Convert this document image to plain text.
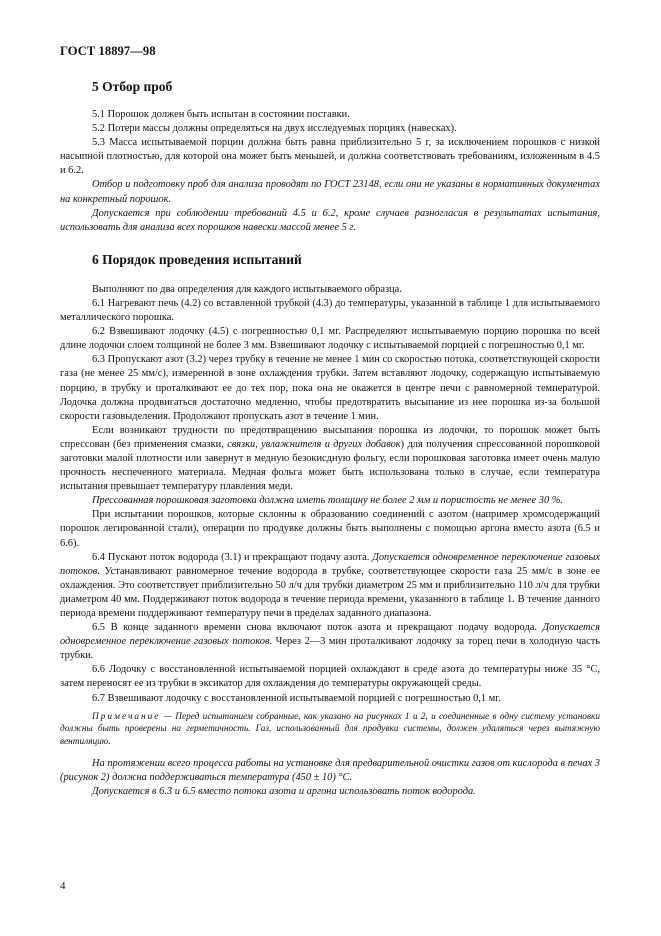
ГОСТ 18897—98
5 Отбор проб

5.1 Порошок должен быть испытан в состоянии поставки.

5.2 Потери массы должны определяться на двух исследуемых порциях (навесках).

5.3 Масса испытываемой порции должна быть равна приблизительно 5 г, за исключением порошков с низкой насыпной плотностью, для которой она может быть меньшей, и должна соответствовать требованиям, изложенным в 4.5 и 6.2.

Отбор и подготовку проб для анализа проводят по ГОСТ 23148, если они не указаны в нормативных документах на конкретный порошок.

Допускается при соблюдении требований 4.5 и 6.2, кроме случаев разногласия в результатах испытания, использовать для анализа всех порошков навески массой менее 5 г.

6 Порядок проведения испытаний

Выполняют по два определения для каждого испытываемого образца.

6.1 Нагревают печь (4.2) со вставленной трубкой (4.3) до температуры, указанной в таблице 1 для испытываемого металлического порошка.

6.2 Взвешивают лодочку (4.5) с погрешностью 0,1 мг. Распределяют испытываемую порцию порошка по всей длине лодочки слоем толщиной не более 3 мм. Взвешивают лодочку с испытываемой порцией с погрешностью 0,1 мг.

6.3 Пропускают азот (3.2) через трубку в течение не менее 1 мин со скоростью потока, соответствующей скорости газа (не менее 25 мм/с), измеренной в зоне охлаждения трубки. Затем вставляют лодочку, содержащую испытываемую порцию, в трубку и проталкивают ее до тех пор, пока она не окажется в центре печи с равномерной температурой. Лодочка должна продвигаться достаточно медленно, чтобы предотвратить высыпание из нее порошка из-за большой скорости газовыделения. Продолжают пропускать азот в течение 1 мин.

Если возникают трудности по предотвращению высыпания порошка из лодочки, то порошок может быть спрессован (без применения смазки, связки, увлажнителя и других добавок) для получения спрессованной порошковой заготовки малой плотности или завернут в медную безокисдную фольгу, если порошковая заготовка имеет очень малую прочность неспеченного материала. Медная фольга может быть использована только в случае, если температура испытания превышает температуру плавления меди.

Прессованная порошковая заготовка должна иметь толщину не более 2 мм и пористость не менее 30 %.

При испытании порошков, которые склонны к образованию соединений с азотом (например хромсодержащий порошок легированной стали), операции по продувке должны быть выполнены с помощью аргона вместо азота (6.5 и 6.6).

6.4 Пускают поток водорода (3.1) и прекращают подачу азота. Допускается одновременное переключение газовых потоков. Устанавливают равномерное течение водорода в трубке, соответствующее скорости газа 25 мм/с в зоне ее охлаждения. Это соответствует приблизительно 50 л/ч для трубки диаметром 25 мм и приблизительно 110 л/ч для трубки диаметром 40 мм. Поддерживают поток водорода в течение периода времени, указанного в таблице 1. В течение данного периода времени поддерживают температуру печи в пределах заданного диапазона.

6.5 В конце заданного времени снова включают поток азота и прекращают подачу водорода. Допускается одновременное переключение газовых потоков. Через 2—3 мин проталкивают лодочку за торец печи в холодную часть трубки.

6.6 Лодочку с восстановленной испытываемой порцией охлаждают в среде азота до температуры ниже 35 °С, затем переносят ее из трубки в эксикатор для охлаждения до температуры окружающей среды.

6.7 Взвешивают лодочку с восстановленной испытываемой порцией с погрешностью 0,1 мг.

Примечание — Перед испытанием собранные, как указано на рисунках 1 и 2, и соединенные в одну систему установки должны быть проверены на герметичность. Газ, использованный для продувки системы, должен удаляться через вытяжную вентиляцию.

На протяжении всего процесса работы на установке для предварительной очистки газов от кислорода в печах 3 (рисунок 2) должна поддерживаться температура (450 ± 10) °С.

Допускается в 6.3 и 6.5 вместо потока азота и аргона использовать поток водорода.

4
